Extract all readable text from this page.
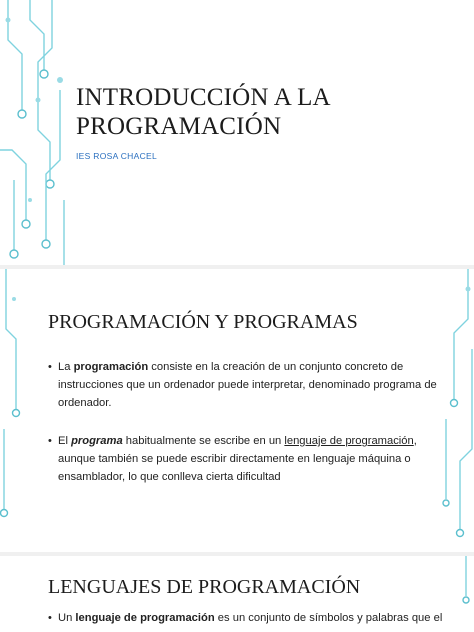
INTRODUCCIÓN A LA
PROGRAMACIÓN
IES ROSA CHACEL
PROGRAMACIÓN Y PROGRAMAS
• La programación consiste en la creación de un conjunto concreto de instrucciones que un ordenador puede interpretar, denominado programa de ordenador.
• El programa habitualmente se escribe en un lenguaje de programación, aunque también se puede escribir directamente en lenguaje máquina o ensamblador, lo que conlleva cierta dificultad
LENGUAJES DE PROGRAMACIÓN
• Un lenguaje de programación es un conjunto de símbolos y palabras que el
